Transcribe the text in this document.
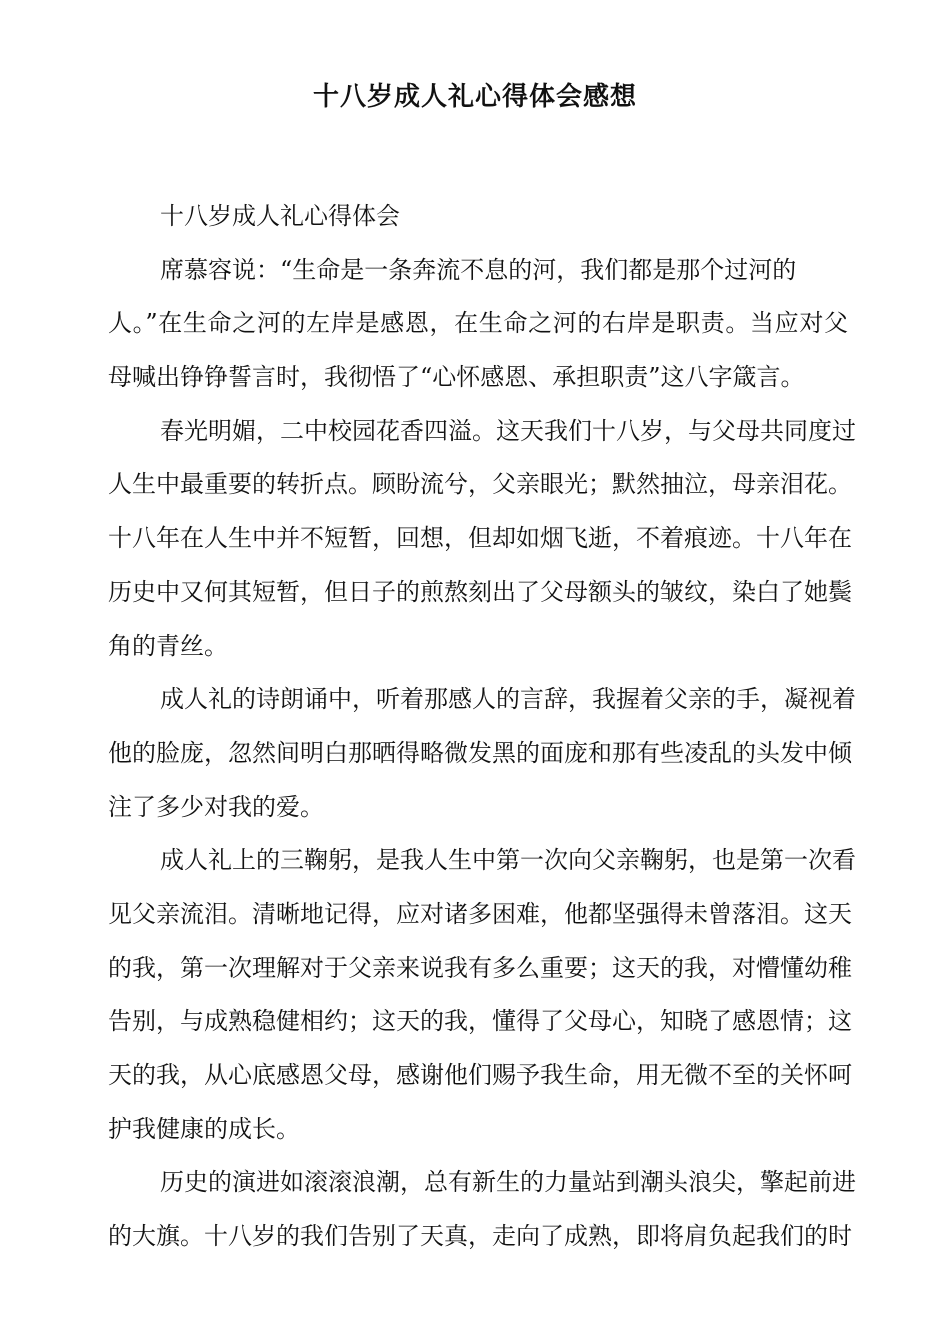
十八岁成人礼心得体会感想
十八岁成人礼心得体会
席慕容说：“生命是一条奔流不息的河，我们都是那个过河的
人。”在生命之河的左岸是感恩，在生命之河的右岸是职责。当应对父
母喊出铮铮誓言时，我彻悟了“心怀感恩、承担职责”这八字箴言。
春光明媚，二中校园花香四溢。这天我们十八岁，与父母共同度过
人生中最重要的转折点。顾盼流兮，父亲眼光；默然抽泣，母亲泪花。
十八年在人生中并不短暂，回想，但却如烟飞逝，不着痕迹。十八年在
历史中又何其短暂，但日子的煎熬刻出了父母额头的皱纹，染白了她鬓
角的青丝。
成人礼的诗朗诵中，听着那感人的言辞，我握着父亲的手，凝视着
他的脸庞，忽然间明白那晒得略微发黑的面庞和那有些凌乱的头发中倾
注了多少对我的爱。
成人礼上的三鞠躬，是我人生中第一次向父亲鞠躬，也是第一次看
见父亲流泪。清晰地记得，应对诸多困难，他都坚强得未曾落泪。这天
的我，第一次理解对于父亲来说我有多么重要；这天的我，对懵懂幼稚
告别，与成熟稳健相约；这天的我，懂得了父母心，知晓了感恩情；这
天的我，从心底感恩父母，感谢他们赐予我生命，用无微不至的关怀呵
护我健康的成长。
历史的演进如滚滚浪潮，总有新生的力量站到潮头浪尖，擎起前进
的大旗。十八岁的我们告别了天真，走向了成熟，即将肩负起我们的时
